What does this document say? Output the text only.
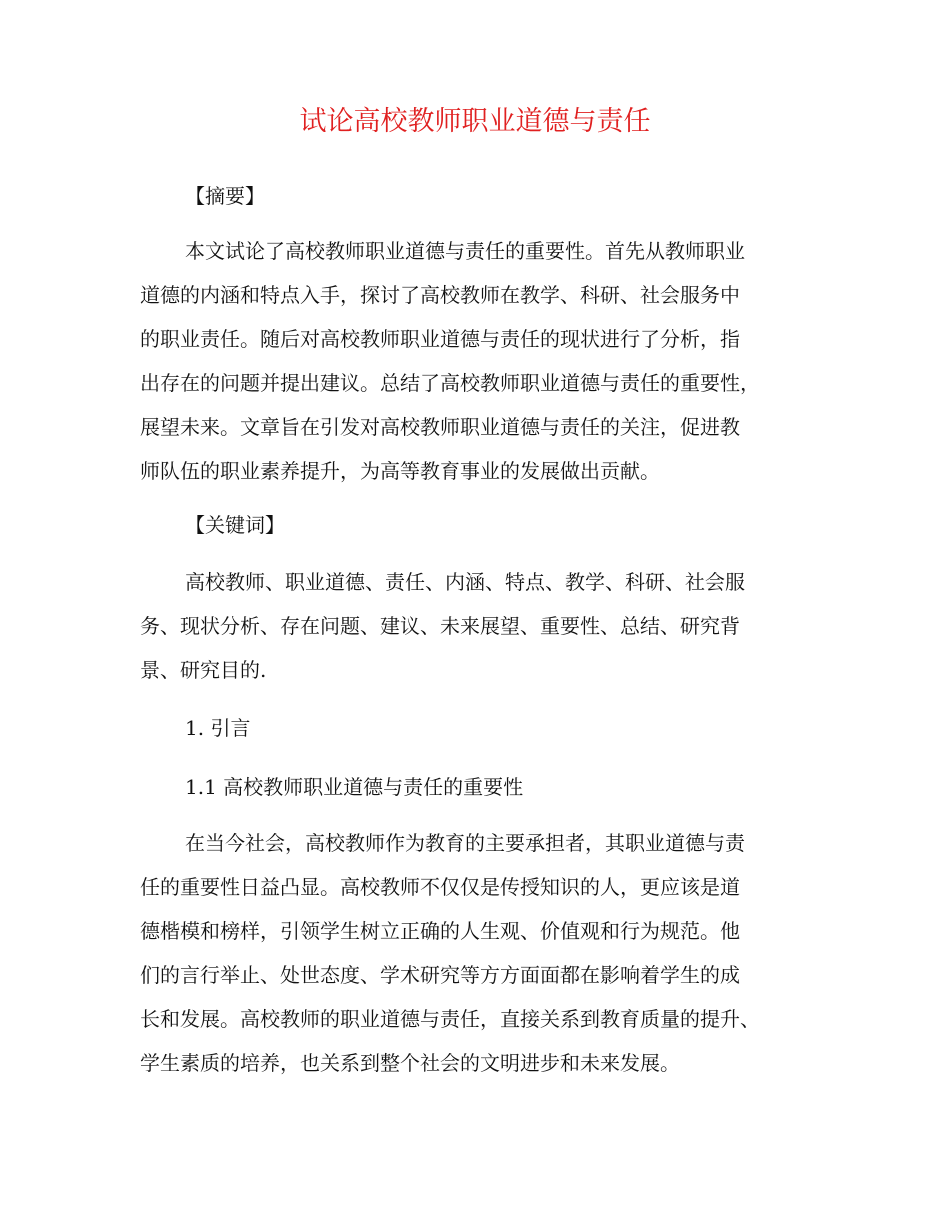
试论高校教师职业道德与责任
【摘要】
本文试论了高校教师职业道德与责任的重要性。首先从教师职业
道德的内涵和特点入手，探讨了高校教师在教学、科研、社会服务中
的职业责任。随后对高校教师职业道德与责任的现状进行了分析，指
出存在的问题并提出建议。总结了高校教师职业道德与责任的重要性，
展望未来。文章旨在引发对高校教师职业道德与责任的关注，促进教
师队伍的职业素养提升，为高等教育事业的发展做出贡献。
【关键词】
高校教师、职业道德、责任、内涵、特点、教学、科研、社会服
务、现状分析、存在问题、建议、未来展望、重要性、总结、研究背
景、研究目的.
1. 引言
1.1 高校教师职业道德与责任的重要性
在当今社会，高校教师作为教育的主要承担者，其职业道德与责
任的重要性日益凸显。高校教师不仅仅是传授知识的人，更应该是道
德楷模和榜样，引领学生树立正确的人生观、价值观和行为规范。他
们的言行举止、处世态度、学术研究等方方面面都在影响着学生的成
长和发展。高校教师的职业道德与责任，直接关系到教育质量的提升、
学生素质的培养，也关系到整个社会的文明进步和未来发展。
